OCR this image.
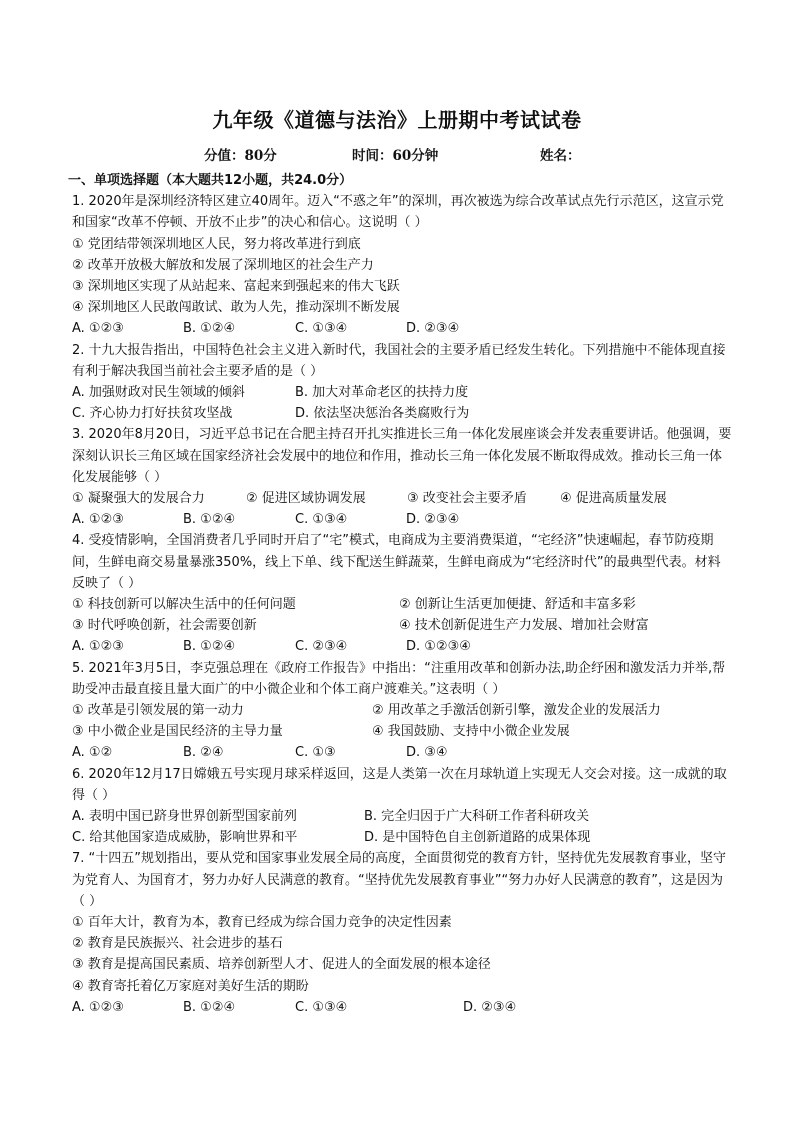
九年级《道德与法治》上册期中考试试卷
分值：80分	时间：60分钟	姓名：
一、单项选择题（本大题共12小题，共24.0分）
1. 2020年是深圳经济特区建立40周年。迈入“不惑之年”的深圳，再次被选为综合改革试点先行示范区，这宣示党和国家“改革不停顿、开放不止步”的决心和信心。这说明（ ）
① 党团结带领深圳地区人民，努力将改革进行到底
② 改革开放极大解放和发展了深圳地区的社会生产力
③ 深圳地区实现了从站起来、富起来到强起来的伟大飞跃
④ 深圳地区人民敢闯敢试、敢为人先，推动深圳不断发展
A. ①②③	B. ①②④	C. ①③④	D. ②③④
2. 十九大报告指出，中国特色社会主义进入新时代，我国社会的主要矛盾已经发生转化。下列措施中不能体现直接有利于解决我国当前社会主要矛盾的是（ ）
A. 加强财政对民生领域的倾斜	B. 加大对革命老区的扶持力度
C. 齐心协力打好扶贫攻坚战	D. 依法坚决惩治各类腐败行为
3. 2020年8月20日，习近平总书记在合肥主持召开扎实推进长三角一体化发展座谈会并发表重要讲话。他强调，要深刻认识长三角区域在国家经济社会发展中的地位和作用，推动长三角一体化发展不断取得成效。推动长三角一体化发展能够（ ）
① 凝聚强大的发展合力	② 促进区域协调发展	③ 改变社会主要矛盾	④ 促进高质量发展
A. ①②③	B. ①②④	C. ①③④	D. ②③④
4. 受疫情影响，全国消费者几乎同时开启了“宅”模式，电商成为主要消费渠道，“宅经济”快速崛起，春节防疫期间，生鲜电商交易量暴涨350%，线上下单、线下配送生鲜蔬菜，生鲜电商成为“宅经济时代”的最典型代表。材料反映了（ ）
① 科技创新可以解决生活中的任何问题	② 创新让生活更加便捷、舒适和丰富多彩
③ 时代呼唤创新，社会需要创新	④ 技术创新促进生产力发展、增加社会财富
A. ①②③	B. ①②④	C. ②③④	D. ①②③④
5. 2021年3月5日，李克强总理在《政府工作报告》中指出：“注重用改革和创新办法,助企纾困和激发活力并举,帮助受冲击最直接且量大面广的中小微企业和个体工商户渡难关。”这表明（ ）
① 改革是引领发展的第一动力	② 用改革之手激活创新引擎，激发企业的发展活力
③ 中小微企业是国民经济的主导力量	④ 我国鼓励、支持中小微企业发展
A. ①②	B. ②④	C. ①③	D. ③④
6. 2020年12月17日嫦娥五号实现月球采样返回，这是人类第一次在月球轨道上实现无人交会对接。这一成就的取得（ ）
A. 表明中国已跻身世界创新型国家前列	B. 完全归因于广大科研工作者科研攻关
C. 给其他国家造成威胁，影响世界和平	D. 是中国特色自主创新道路的成果体现
7. “十四五”规划指出，要从党和国家事业发展全局的高度，全面贯彻党的教育方针，坚持优先发展教育事业，坚守为党育人、为国育才，努力办好人民满意的教育。“坚持优先发展教育事业”“努力办好人民满意的教育”，这是因为（ ）
① 百年大计，教育为本，教育已经成为综合国力竞争的决定性因素
② 教育是民族振兴、社会进步的基石
③ 教育是提高国民素质、培养创新型人才、促进人的全面发展的根本途径
④ 教育寄托着亿万家庭对美好生活的期盼
A. ①②③	B. ①②④	C. ①③④	D. ②③④
